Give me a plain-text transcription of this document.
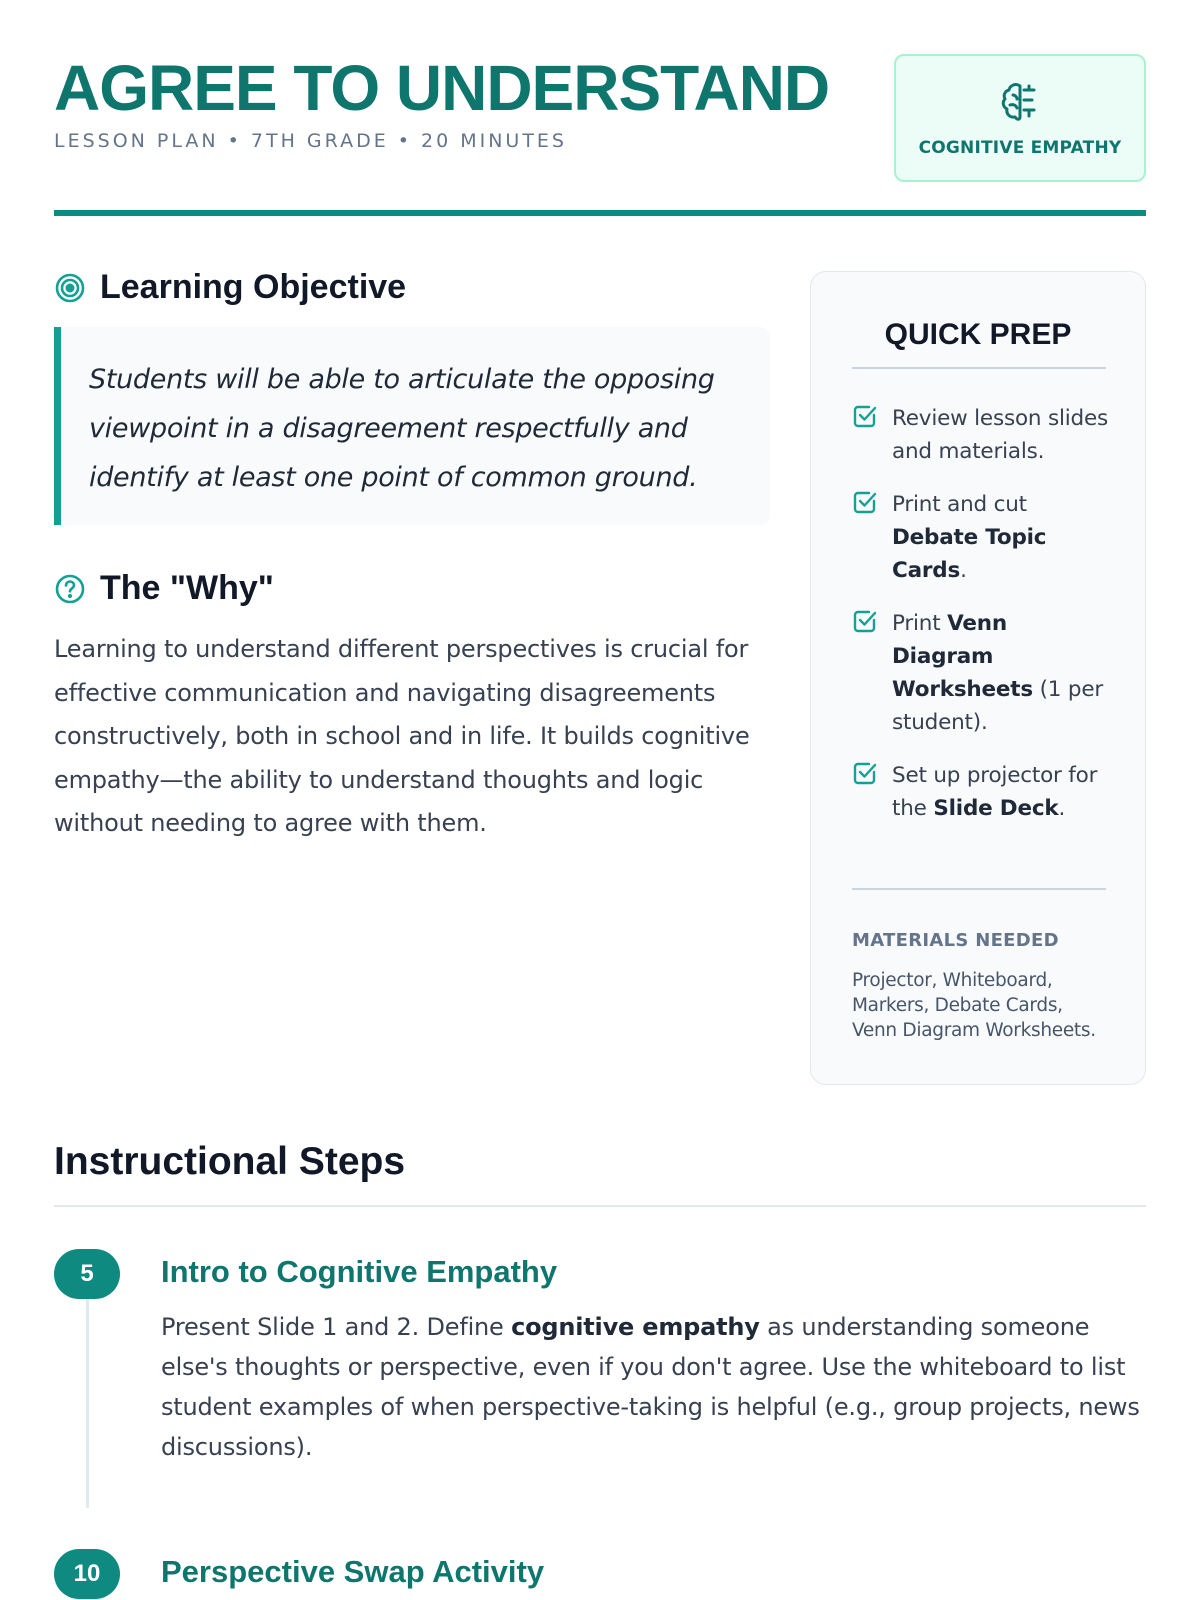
AGREE TO UNDERSTAND
LESSON PLAN • 7TH GRADE • 20 MINUTES	COGNITIVE EMPATHY
Learning Objective

Students will be able to articulate the opposing viewpoint in a disagreement respectfully and identify at least one point of common ground.

The "Why"

Learning to understand different perspectives is crucial for effective communication and navigating disagreements constructively, both in school and in life. It builds cognitive empathy—the ability to understand thoughts and logic without needing to agree with them.

QUICK PREP
Review lesson slides and materials.
Print and cut Debate Topic Cards.
Print Venn Diagram Worksheets (1 per student).
Set up projector for the Slide Deck.
MATERIALS NEEDED
Projector, Whiteboard, Markers, Debate Cards, Venn Diagram Worksheets.
Instructional Steps
5	Intro to Cognitive Empathy

Present Slide 1 and 2. Define cognitive empathy as understanding someone else's thoughts or perspective, even if you don't agree. Use the whiteboard to list student examples of when perspective-taking is helpful (e.g., group projects, news discussions).

10	Perspective Swap Activity
